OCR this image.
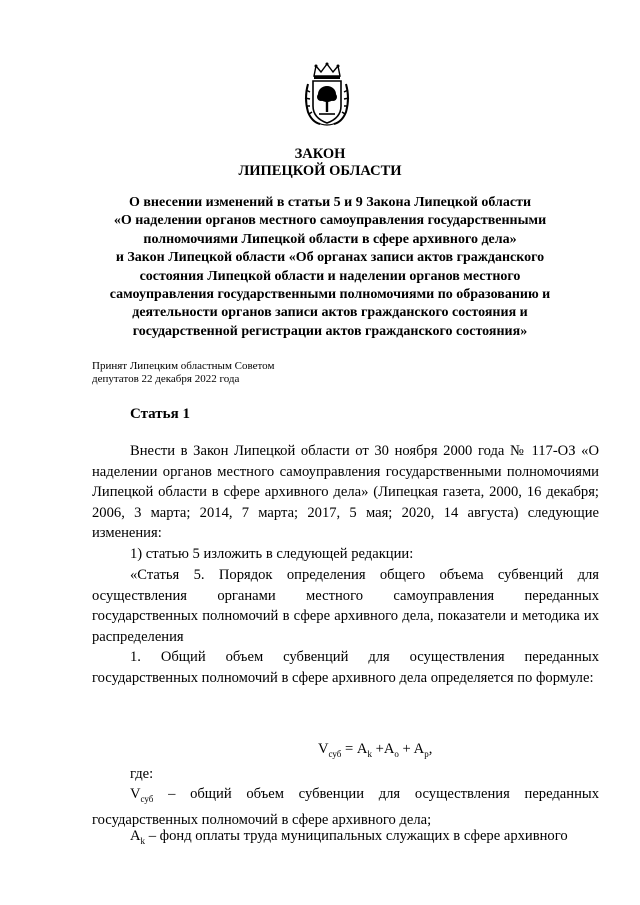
ЗАКОН
ЛИПЕЦКОЙ ОБЛАСТИ
О внесении изменений в статьи 5 и 9 Закона Липецкой области
«О наделении органов местного самоуправления государственными
полномочиями Липецкой области в сфере архивного дела»
и Закон Липецкой области «Об органах записи актов гражданского
состояния Липецкой области и наделении органов местного
самоуправления государственными полномочиями по образованию и
деятельности органов записи актов гражданского состояния и
государственной регистрации актов гражданского состояния»
Принят Липецким областным Советом
депутатов 22 декабря 2022 года
Статья 1
Внести в Закон Липецкой области от 30 ноября 2000 года № 117-ОЗ «О наделении органов местного самоуправления государственными полномочиями Липецкой области в сфере архивного дела» (Липецкая газета, 2000, 16 декабря; 2006, 3 марта; 2014, 7 марта; 2017, 5 мая; 2020, 14 августа) следующие изменения:
1) статью 5 изложить в следующей редакции:
«Статья 5. Порядок определения общего объема субвенций для осуществления органами местного самоуправления переданных государственных полномочий в сфере архивного дела, показатели и методика их распределения
1. Общий объем субвенций для осуществления переданных государственных полномочий в сфере архивного дела определяется по формуле:
$V_{суб} = A_k +A_o + A_р$,
где:
$V_{суб}$ – общий объем субвенции для осуществления переданных государственных полномочий в сфере архивного дела;
$A_k$ – фонд оплаты труда муниципальных служащих в сфере архивного
